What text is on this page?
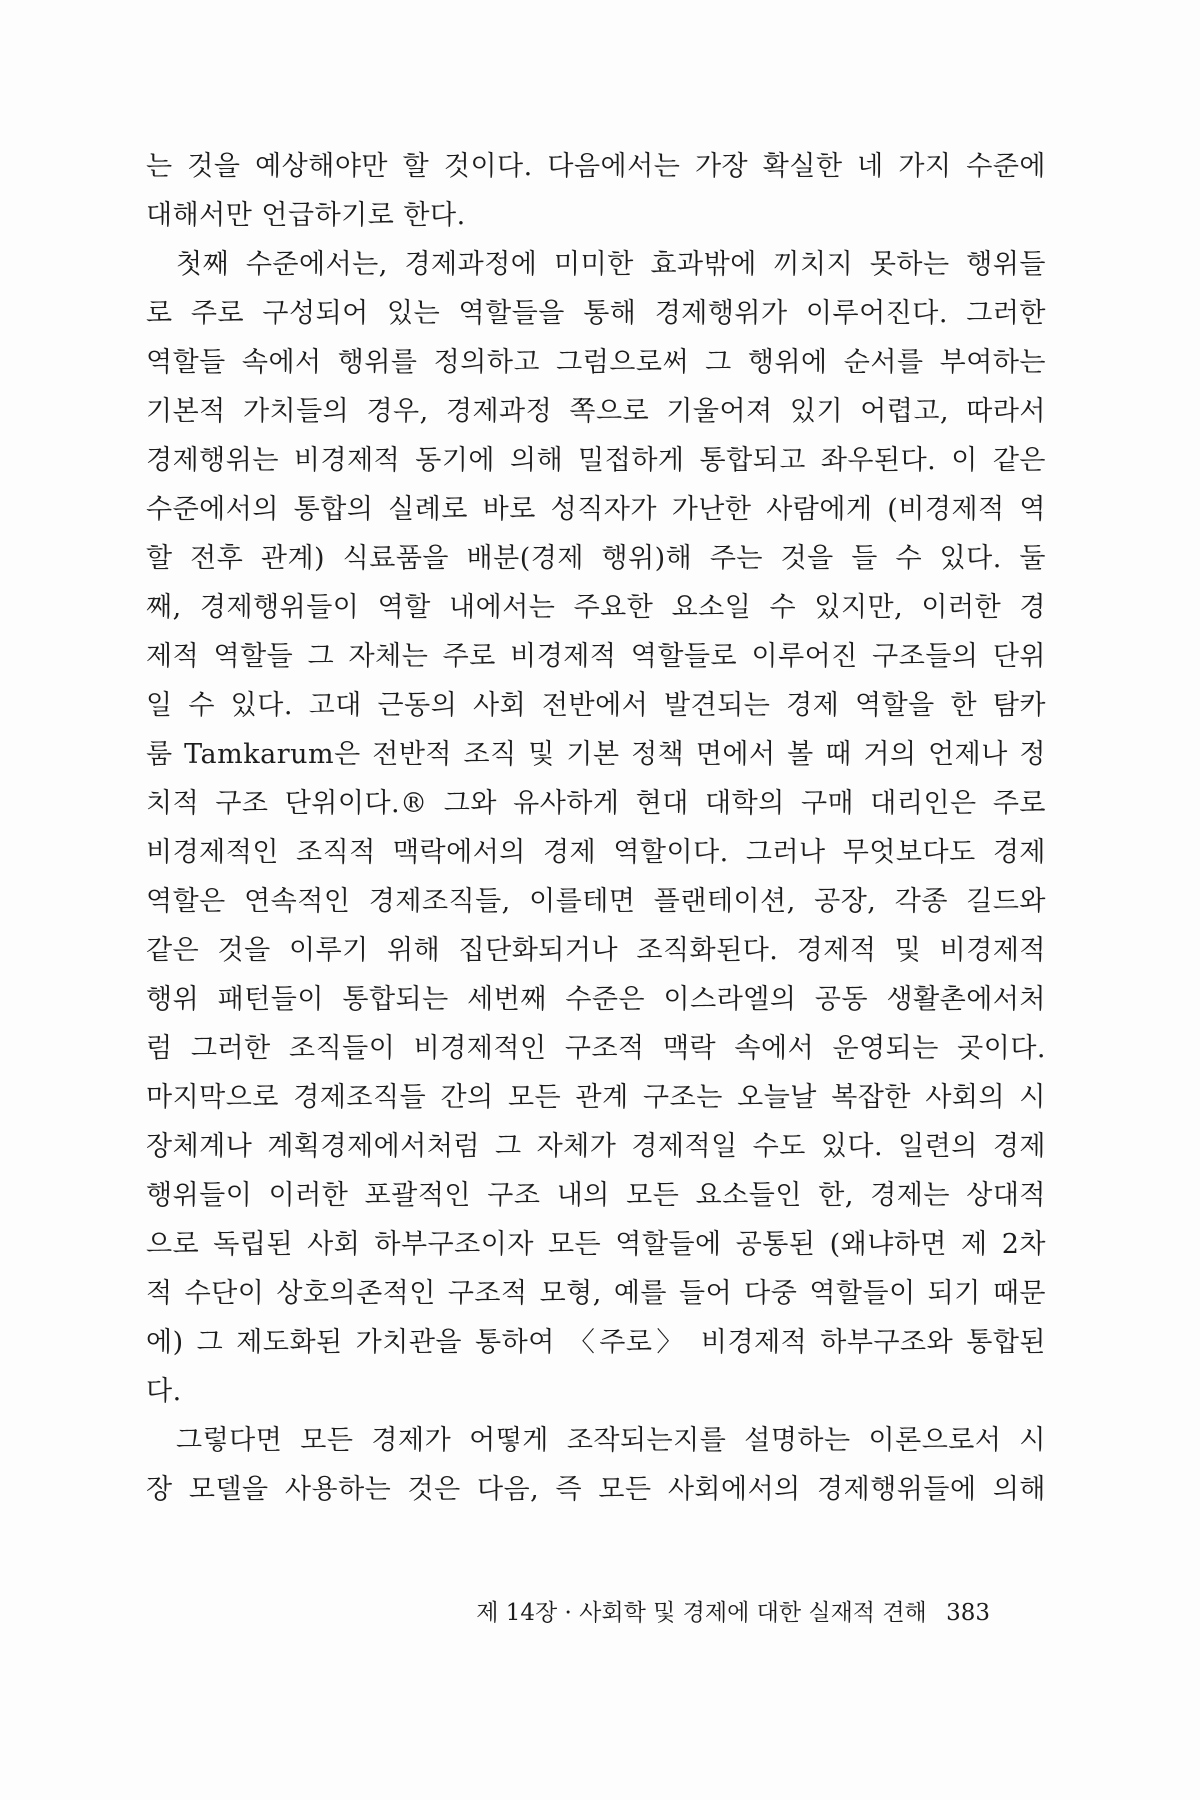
는 것을 예상해야만 할 것이다. 다음에서는 가장 확실한 네 가지 수준에
대해서만 언급하기로 한다.
첫째 수준에서는, 경제과정에 미미한 효과밖에 끼치지 못하는 행위들
로 주로 구성되어 있는 역할들을 통해 경제행위가 이루어진다. 그러한
역할들 속에서 행위를 정의하고 그럼으로써 그 행위에 순서를 부여하는
기본적 가치들의 경우, 경제과정 쪽으로 기울어져 있기 어렵고, 따라서
경제행위는 비경제적 동기에 의해 밀접하게 통합되고 좌우된다. 이 같은
수준에서의 통합의 실례로 바로 성직자가 가난한 사람에게 (비경제적 역
할 전후 관계) 식료품을 배분(경제 행위)해 주는 것을 들 수 있다. 둘
째, 경제행위들이 역할 내에서는 주요한 요소일 수 있지만, 이러한 경
제적 역할들 그 자체는 주로 비경제적 역할들로 이루어진 구조들의 단위
일 수 있다. 고대 근동의 사회 전반에서 발견되는 경제 역할을 한 탐카
룸 Tamkarum은 전반적 조직 및 기본 정책 면에서 볼 때 거의 언제나 정
치적 구조 단위이다.® 그와 유사하게 현대 대학의 구매 대리인은 주로
비경제적인 조직적 맥락에서의 경제 역할이다. 그러나 무엇보다도 경제
역할은 연속적인 경제조직들, 이를테면 플랜테이션, 공장, 각종 길드와
같은 것을 이루기 위해 집단화되거나 조직화된다. 경제적 및 비경제적
행위 패턴들이 통합되는 세번째 수준은 이스라엘의 공동 생활촌에서처
럼 그러한 조직들이 비경제적인 구조적 맥락 속에서 운영되는 곳이다.
마지막으로 경제조직들 간의 모든 관계 구조는 오늘날 복잡한 사회의 시
장체계나 계획경제에서처럼 그 자체가 경제적일 수도 있다. 일련의 경제
행위들이 이러한 포괄적인 구조 내의 모든 요소들인 한, 경제는 상대적
으로 독립된 사회 하부구조이자 모든 역할들에 공통된 (왜냐하면 제 2차
적 수단이 상호의존적인 구조적 모형, 예를 들어 다중 역할들이 되기 때문
에) 그 제도화된 가치관을 통하여 〈주로〉 비경제적 하부구조와 통합된
다.
그렇다면 모든 경제가 어떻게 조작되는지를 설명하는 이론으로서 시
장 모델을 사용하는 것은 다음, 즉 모든 사회에서의 경제행위들에 의해
제 14장 · 사회학 및 경제에 대한 실재적 견해 383
